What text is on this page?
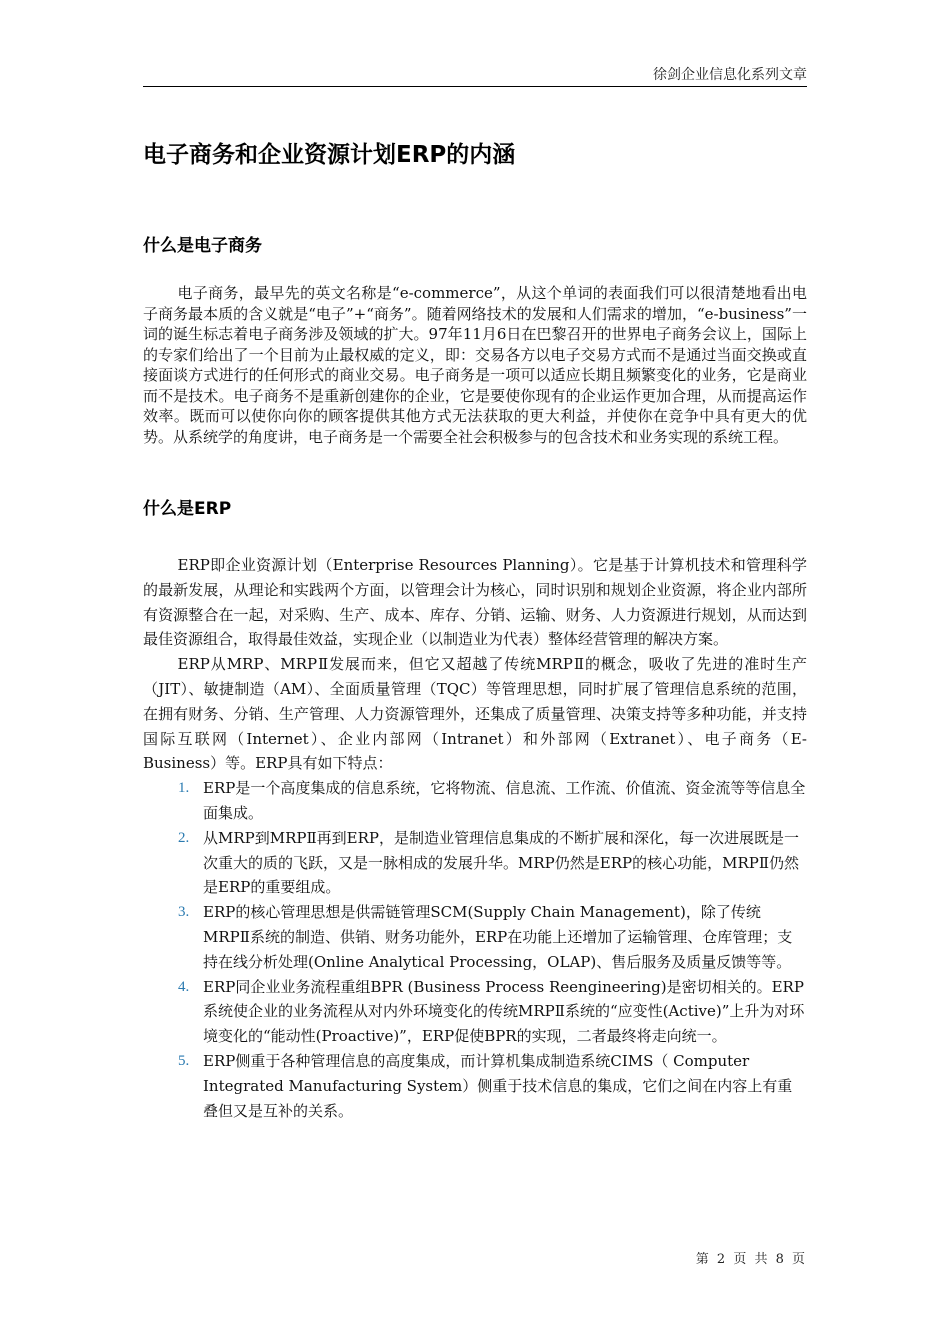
徐剑企业信息化系列文章
电子商务和企业资源计划ERP的内涵
什么是电子商务

电子商务，最早先的英文名称是“e-commerce”，从这个单词的表面我们可以很清楚地看出电子商务最本质的含义就是“电子”+“商务”。随着网络技术的发展和人们需求的增加，“e-business”一词的诞生标志着电子商务涉及领域的扩大。97年11月6日在巴黎召开的世界电子商务会议上，国际上的专家们给出了一个目前为止最权威的定义，即：交易各方以电子交易方式而不是通过当面交换或直接面谈方式进行的任何形式的商业交易。电子商务是一项可以适应长期且频繁变化的业务，它是商业而不是技术。电子商务不是重新创建你的企业，它是要使你现有的企业运作更加合理，从而提高运作效率。既而可以使你向你的顾客提供其他方式无法获取的更大利益，并使你在竞争中具有更大的优势。从系统学的角度讲，电子商务是一个需要全社会积极参与的包含技术和业务实现的系统工程。

什么是ERP

ERP即企业资源计划（Enterprise Resources Planning）。它是基于计算机技术和管理科学的最新发展，从理论和实践两个方面，以管理会计为核心，同时识别和规划企业资源，将企业内部所有资源整合在一起，对采购、生产、成本、库存、分销、运输、财务、人力资源进行规划，从而达到最佳资源组合，取得最佳效益，实现企业（以制造业为代表）整体经营管理的解决方案。

ERP从MRP、MRPⅡ发展而来，但它又超越了传统MRPⅡ的概念，吸收了先进的准时生产（JIT）、敏捷制造（AM）、全面质量管理（TQC）等管理思想，同时扩展了管理信息系统的范围，在拥有财务、分销、生产管理、人力资源管理外，还集成了质量管理、决策支持等多种功能，并支持国际互联网（Internet）、企业内部网（Intranet）和外部网（Extranet）、电子商务（E-Business）等。ERP具有如下特点：

1. ERP是一个高度集成的信息系统，它将物流、信息流、工作流、价值流、资金流等等信息全面集成。
2. 从MRP到MRPⅡ再到ERP，是制造业管理信息集成的不断扩展和深化，每一次进展既是一次重大的质的飞跃，又是一脉相成的发展升华。MRP仍然是ERP的核心功能，MRPⅡ仍然是ERP的重要组成。
3. ERP的核心管理思想是供需链管理SCM(Supply Chain Management)，除了传统MRPⅡ系统的制造、供销、财务功能外，ERP在功能上还增加了运输管理、仓库管理；支持在线分析处理(Online Analytical Processing，OLAP)、售后服务及质量反馈等等。
4. ERP同企业业务流程重组BPR (Business Process Reengineering)是密切相关的。ERP系统使企业的业务流程从对内外环境变化的传统MRPⅡ系统的“应变性(Active)”上升为对环境变化的“能动性(Proactive)”，ERP促使BPR的实现，二者最终将走向统一。
5. ERP侧重于各种管理信息的高度集成，而计算机集成制造系统CIMS（ Computer Integrated Manufacturing System）侧重于技术信息的集成，它们之间在内容上有重叠但又是互补的关系。
第 2 页 共 8 页
